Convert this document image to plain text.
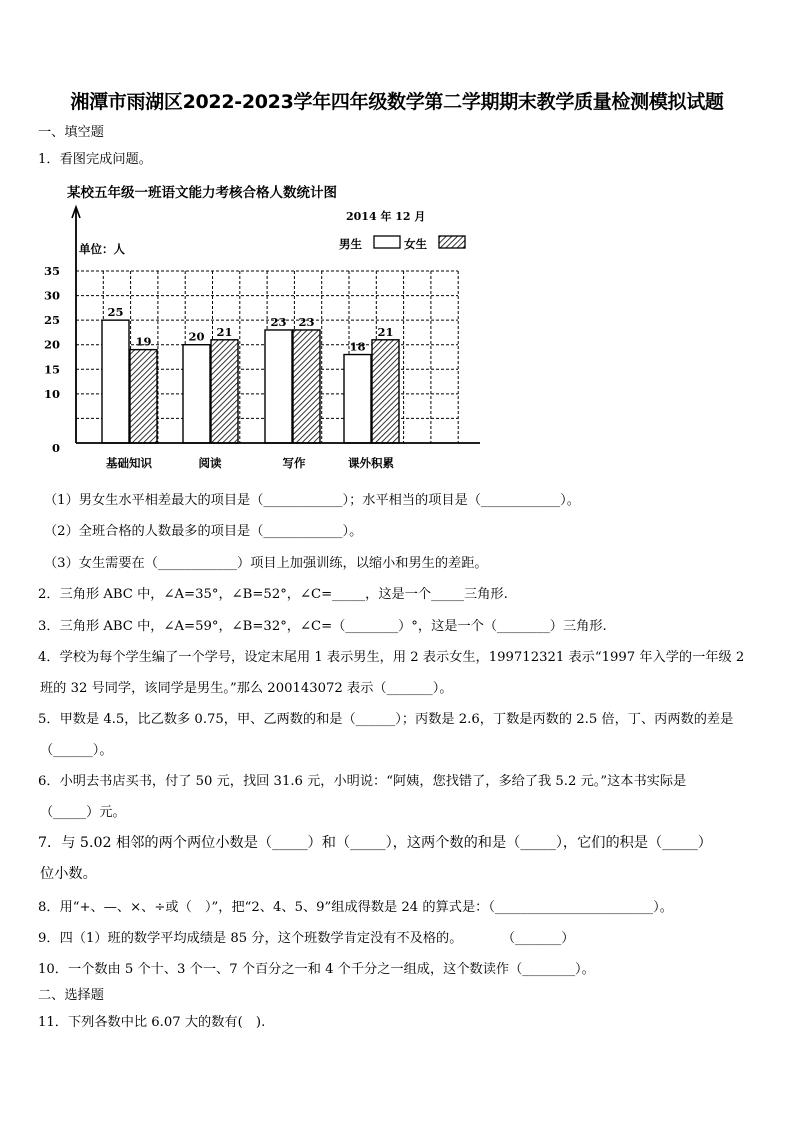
湘潭市雨湖区2022-2023学年四年级数学第二学期期末教学质量检测模拟试题
一、填空题
1．看图完成问题。
某校五年级一班语文能力考核合格人数统计图
2014 年 12 月
单位：人	男生	女生
0
10
15
20
25
30
35
25
19	20 21
23 23
18
21
基础知识	阅读	写作	课外积累
（1）男女生水平相差最大的项目是（____________）；水平相当的项目是（____________）。
（2）全班合格的人数最多的项目是（____________）。
（3）女生需要在（____________）项目上加强训练，以缩小和男生的差距。
2．三角形 ABC 中，∠A=35°，∠B=52°，∠C=_____，这是一个_____三角形.
3．三角形 ABC 中，∠A=59°，∠B=32°，∠C=（________）°，这是一个（________）三角形.
4．学校为每个学生编了一个学号，设定末尾用 1 表示男生，用 2 表示女生，199712321 表示“1997 年入学的一年级 2
班的 32 号同学，该同学是男生。”那么 200143072 表示（_______）。
5．甲数是 4.5，比乙数多 0.75，甲、乙两数的和是（______）；丙数是 2.6，丁数是丙数的 2.5 倍，丁、丙两数的差是
（______）。
6．小明去书店买书，付了 50 元，找回 31.6 元，小明说：“阿姨，您找错了，多给了我 5.2 元。”这本书实际是
（_____）元。
7．与 5.02 相邻的两个两位小数是（_____）和（_____），这两个数的和是（_____），它们的积是（_____）
位小数。
8．用“+、—、×、÷或（　）”，把“2、4、5、9”组成得数是 24 的算式是：（________________________）。
9．四（1）班的数学平均成绩是 85 分，这个班数学肯定没有不及格的。　　　　（_______）
10．一个数由 5 个十、3 个一、7 个百分之一和 4 个千分之一组成，这个数读作（________）。
二、选择题
11．下列各数中比 6.07 大的数有(　).
